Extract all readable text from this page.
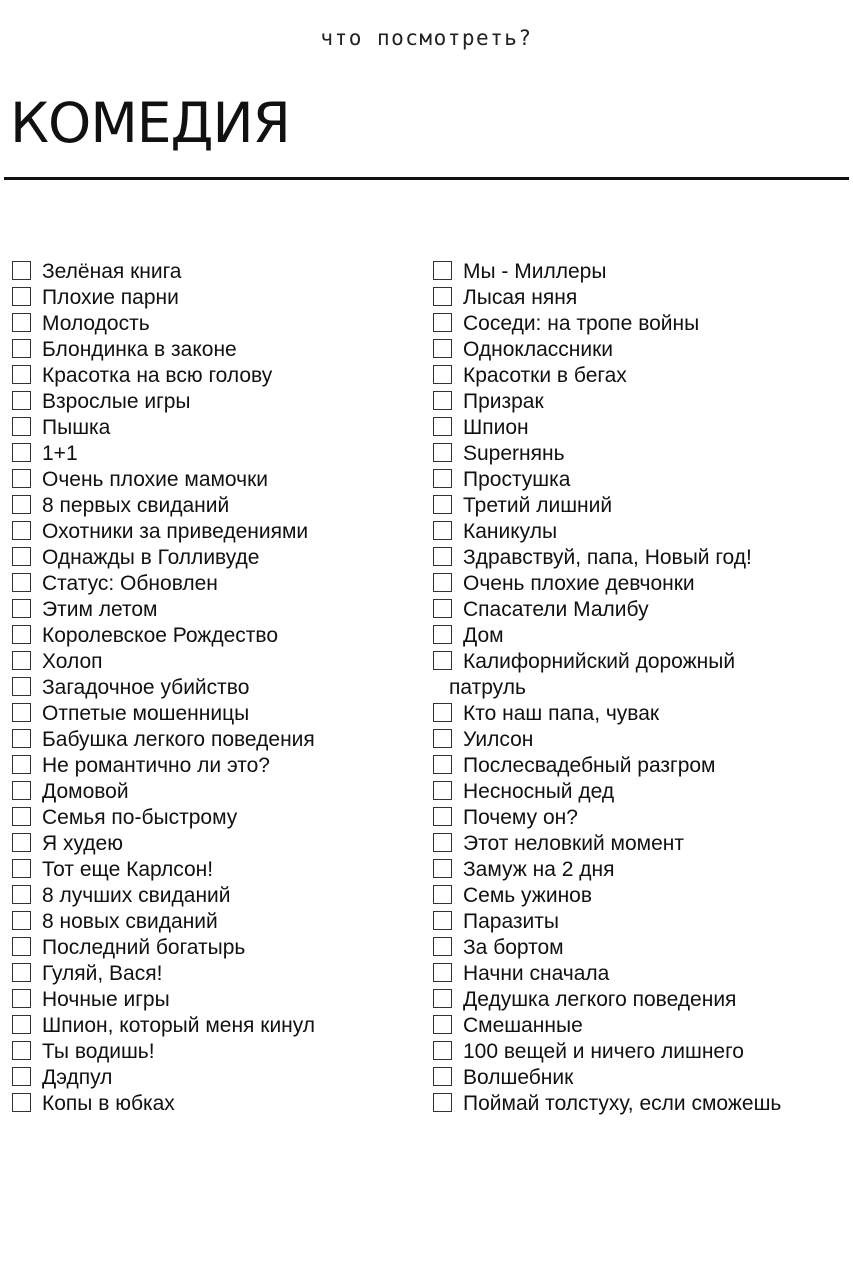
что посмотреть?
КОМЕДИЯ
Зелёная книга
Плохие парни
Молодость
Блондинка в законе
Красотка на всю голову
Взрослые игры
Пышка
1+1
Очень плохие мамочки
8 первых свиданий
Охотники за приведениями
Однажды в Голливуде
Статус: Обновлен
Этим летом
Королевское Рождество
Холоп
Загадочное убийство
Отпетые мошенницы
Бабушка легкого поведения
Не романтично ли это?
Домовой
Семья по-быстрому
Я худею
Тот еще Карлсон!
8 лучших свиданий
8 новых свиданий
Последний богатырь
Гуляй, Вася!
Ночные игры
Шпион, который меня кинул
Ты водишь!
Дэдпул
Копы в юбках
Мы - Миллеры
Лысая няня
Соседи: на тропе войны
Одноклассники
Красотки в бегах
Призрак
Шпион
Superнянь
Простушка
Третий лишний
Каникулы
Здравствуй, папа, Новый год!
Очень плохие девчонки
Спасатели Малибу
Дом
Калифорнийский дорожный
патруль
Кто наш папа, чувак
Уилсон
Послесвадебный разгром
Несносный дед
Почему он?
Этот неловкий момент
Замуж на 2 дня
Семь ужинов
Паразиты
За бортом
Начни сначала
Дедушка легкого поведения
Смешанные
100 вещей и ничего лишнего
Волшебник
Поймай толстуху, если сможешь
